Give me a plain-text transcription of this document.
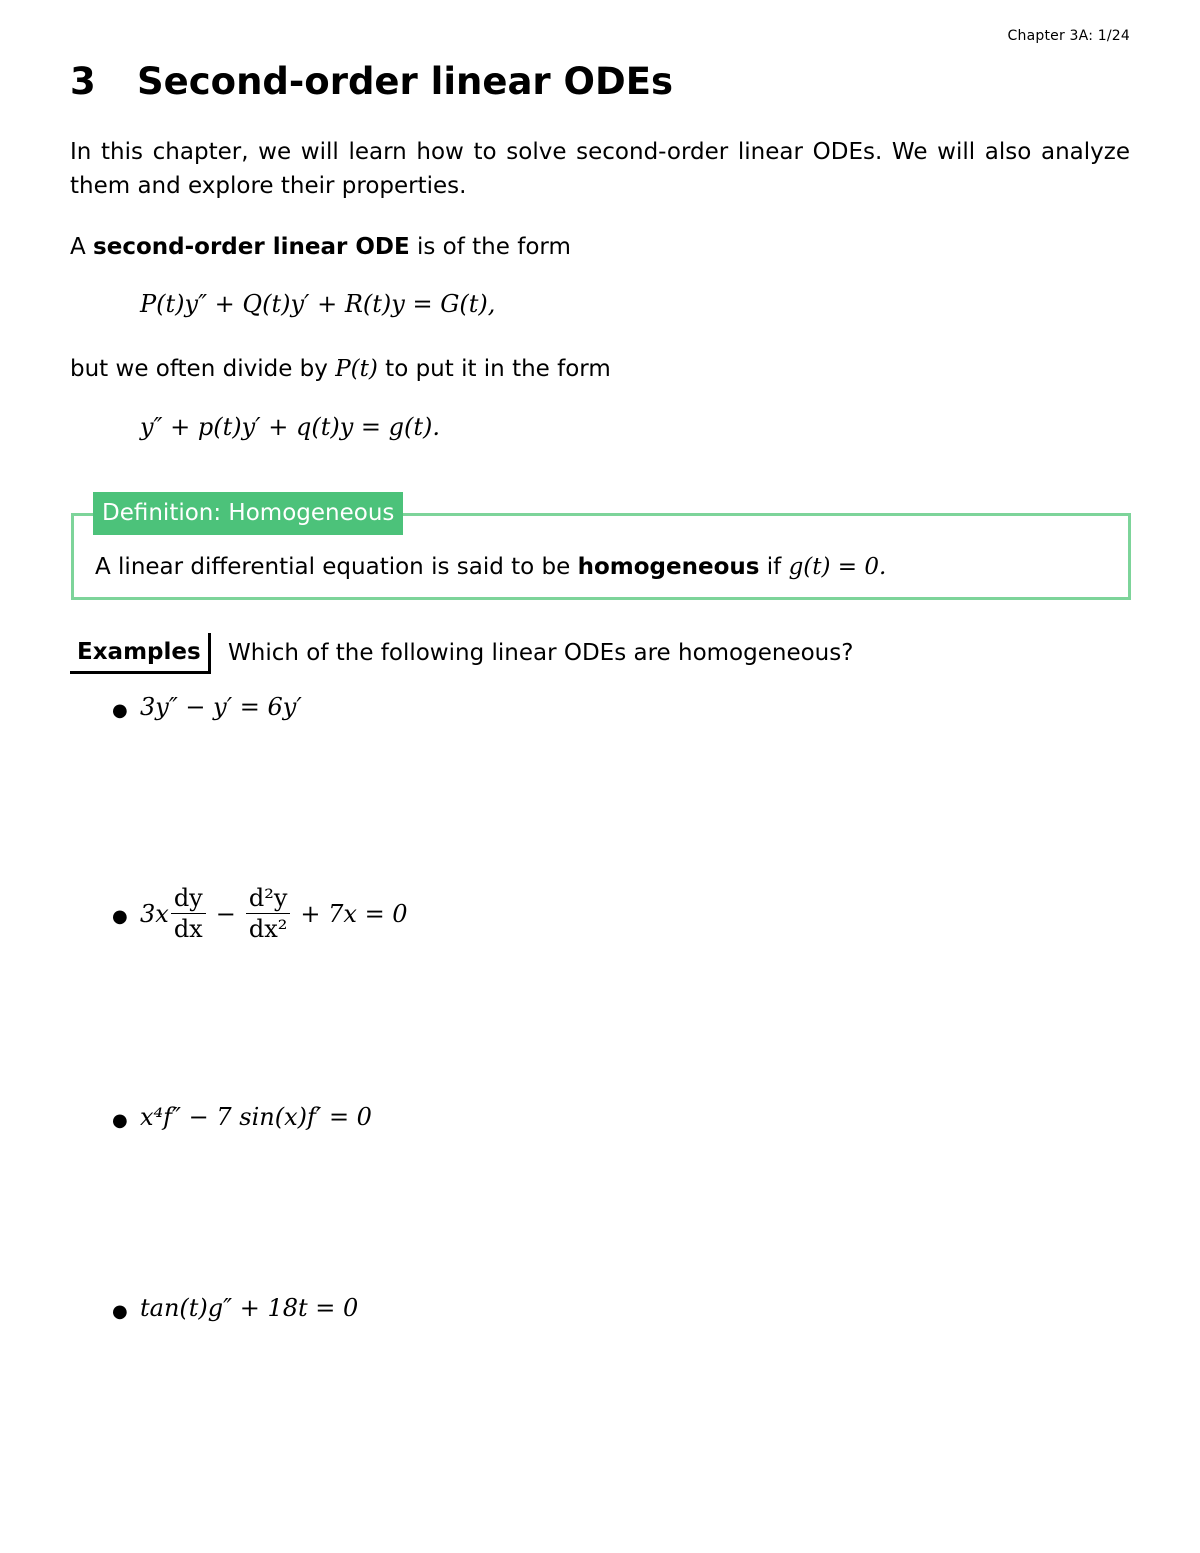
Chapter 3A: 1/24
3 Second-order linear ODEs
In this chapter, we will learn how to solve second-order linear ODEs. We will also analyze them and explore their properties.
A second-order linear ODE is of the form
P(t)y″ + Q(t)y′ + R(t)y = G(t),
but we often divide by P(t) to put it in the form
y″ + p(t)y′ + q(t)y = g(t).
Definition: Homogeneous
A linear differential equation is said to be homogeneous if g(t) = 0.
Examples	Which of the following linear ODEs are homogeneous?
● 3y″ − y′ = 6y′
● $3x \frac{dy}{dx} - \frac{\text{d²y}}{\text{dx²}} + 7x = 0$
● x⁴f″ − 7 sin(x)f′ = 0
● tan(t)g″ + 18t = 0
